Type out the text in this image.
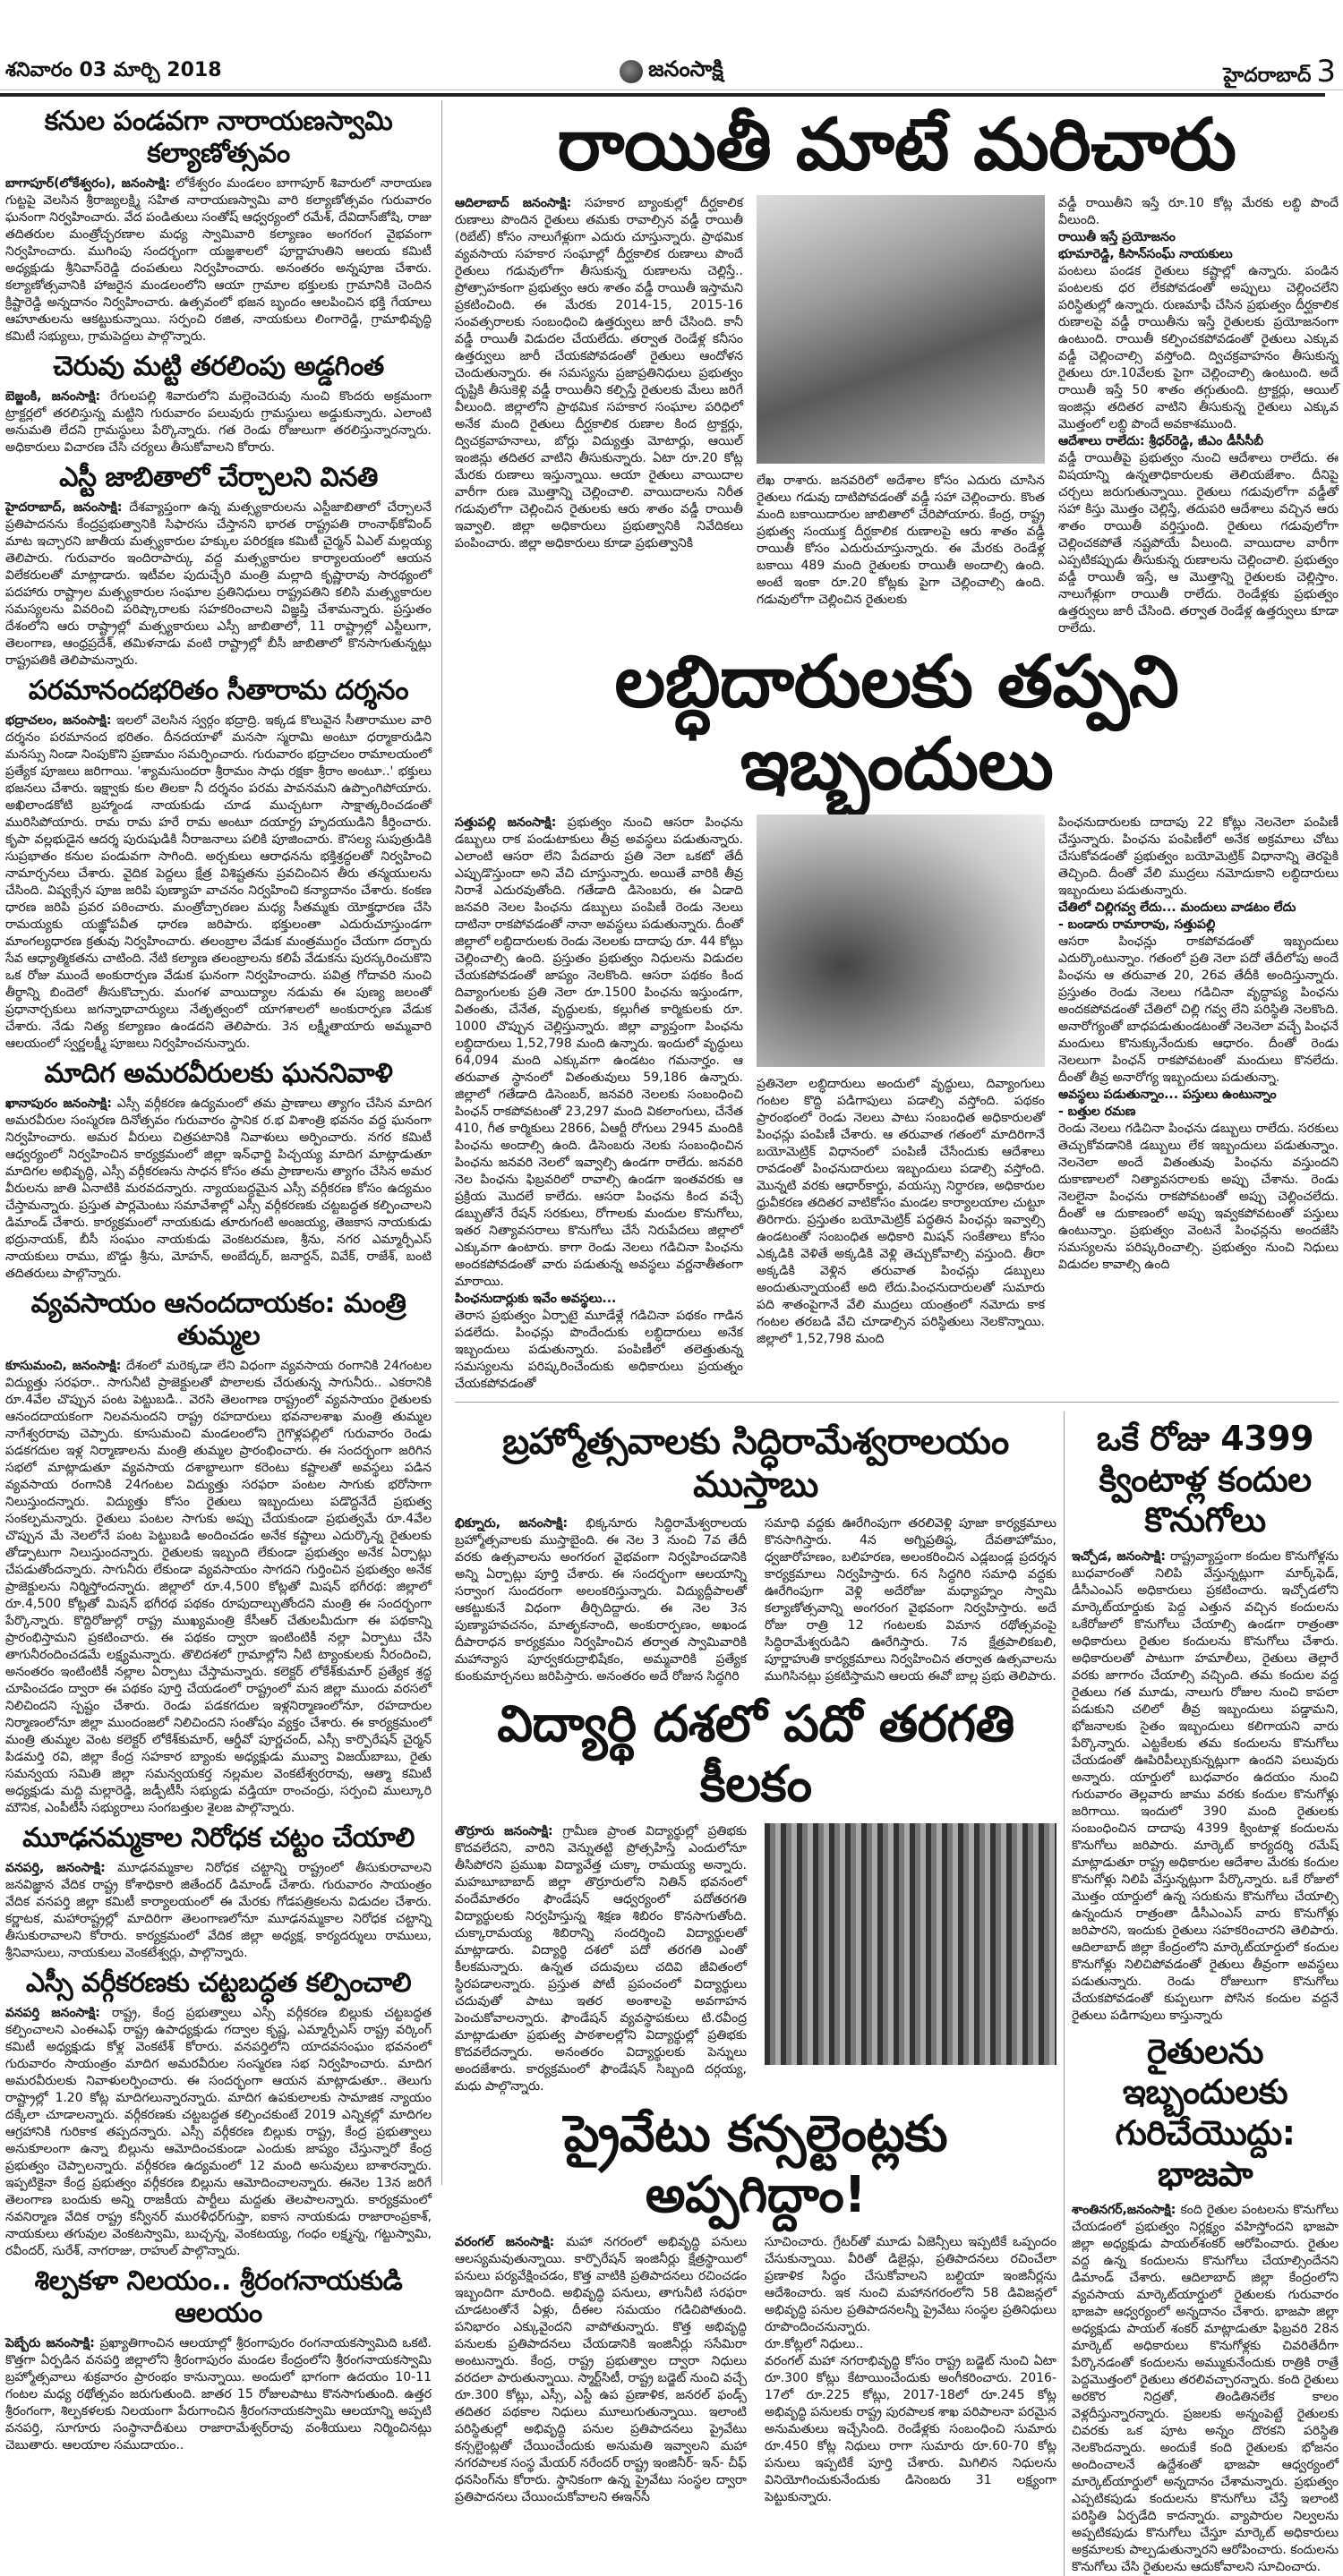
శనివారం 03 మార్చి 2018	జనంసాక్షి	హైదరాబాద్ 3
కనుల పండవగా నారాయణస్వామి కల్యాణోత్సవం
బాగాపూర్(లోకేశ్వరం), జనంసాక్షి: లోకేశ్వరం మండలం బాగాపూర్ శివారులో నారాయణ గుట్టపై వెలసిన శ్రీరాజ్యలక్ష్మి సహిత నారాయణస్వామి వారి కల్యాణోత్సవం గురువారం ఘనంగా నిర్వహించారు. వేద పండితులు సంతోష్ ఆధ్వర్యంలో రమేశ్, దేవిదాస్‌జోషి, రాజు తదితరుల మంత్రోచ్ఛరణాల మధ్య స్వామివారి కల్యాణం అంగరంగ వైభవంగా నిర్వహించారు. ముగింపు సందర్భంగా యజ్ఞశాలలో పూర్ణాహుతిని ఆలయ కమిటీ అధ్యక్షుడు శ్రీనివాస్‌రెడ్డి దంపతులు నిర్వహించారు. అనంతరం అన్నపూజ చేశారు. కల్యాణోత్సవానికి హాజరైన మండలంలోని ఆయా గ్రామాల భక్తులకు గ్రామానికి చెందిన క్రిష్టారెడ్డి అన్నదానం నిర్వహించారు. ఉత్సవంలో భజన బృందం ఆలపించిన భక్తి గేయాలు ఆహూతులను ఆకట్టుకున్నాయి. సర్పంచి రజిత, నాయకులు లింగారెడ్డి, గ్రామాభివృద్ధి కమిటీ సభ్యులు, గ్రామపెద్దలు పాల్గొన్నారు.
చెరువు మట్టి తరలింపు అడ్డగింత
బెజ్జంకి, జనంసాక్షి: రేగులపల్లి శివారులోని మల్లెంచెరువు నుంచి కొందరు అక్రమంగా ట్రాక్టర్లలో తరలిస్తున్న మట్టిని గురువారం పలువురు గ్రామస్థులు అడ్డుకున్నారు. ఎలాంటి అనుమతి లేదని గ్రామస్థులు పేర్కొన్నారు. గత రెండు రోజులుగా తరలిస్తున్నారన్నారు. అధికారులు విచారణ చేసి చర్యలు తీసుకోవాలని కోరారు.
ఎస్టీ జాబితాలో చేర్చాలని వినతి
హైదరాబాద్, జనంసాక్షి: దేశవ్యాప్తంగా ఉన్న మత్స్యకారులను ఎస్టీజాబితాలో చేర్చాలనే ప్రతిపాదనను కేంద్రప్రభుత్వానికి సిఫారసు చేస్తానని భారత రాష్ట్రపతి రాంనాథ్‌కోవింద్ మాట ఇచ్చారని జాతీయ మత్స్యకారుల హక్కుల పరిరక్షణ కమిటీ చైర్మన్ ఏఎల్ మల్లయ్య తెలిపారు. గురువారం ఇందిరాపార్కు వద్ద మత్స్యకారుల కార్యాలయంలో ఆయన విలేకరులతో మాట్లాడారు. ఇటీవల పుదుచ్చేరి మంత్రి మల్లాది కృష్ణారావు సారథ్యంలో పదహారు రాష్ట్రాల మత్స్యకారుల సంఘాల ప్రతినిధులు రాష్ట్రపతిని కలిసి మత్స్యకారుల సమస్యలను వివరించి పరిష్కారాలకు సహకరించాలని విజ్ఞప్తి చేశామన్నారు. ప్రస్తుతం దేశంలోని ఆరు రాష్ట్రాల్లో మత్స్యకారులు ఎస్సీ జాబితాలో, 11 రాష్ట్రాల్లో ఎస్టీలుగా, తెలంగాణ, ఆంధ్రప్రదేశ్, తమిళనాడు వంటి రాష్ట్రాల్లో బీసీ జాబితాలో కొనసాగుతున్నట్లు రాష్ట్రపతికి తెలిపామన్నారు.
పరమానందభరితం సీతారామ దర్శనం
భద్రాచలం, జనంసాక్షి: ఇలలో వెలసిన స్వర్గం భద్రాద్రి. ఇక్కడ కొలువైన సీతారాముల వారి దర్శనం పరమానంద భరితం. దీనదయాళో మనసా స్మరామి అంటూ ధర్మాకారుడిని మనస్సు నిండా నింపుకొని ప్రణామం సమర్పించారు. గురువారం భద్రాచలం రామాలయంలో ప్రత్యేక పూజలు జరిగాయి. 'శ్యామసుందరా శ్రీరామం సాధు రక్షకా శ్రీరాం అంటూ..' భక్తులు భజనలు చేశారు. ఇక్ష్వాకు కుల తిలకా నీ దర్శనం పరమ పావనమని ఉప్పొంగిపోయారు. అఖిలాండకోటి బ్రహ్మాండ నాయకుడు చూడ ముచ్చటగా సాక్షాత్కరించడంతో మురిసిపోయారు. రామ రామ హరే రామ అంటూ దయార్ద్ర హృదయుడిని కీర్తించారు. కృపా వల్లభుడైన ఆదర్శ పురుషుడికి నీరాజనాలు పలికి పూజించారు. కౌసల్య సుపుత్రుడికి సుప్రభాతం కనుల పండువగా సాగింది. అర్చకులు ఆరాధనను భక్తిశ్రద్ధలతో నిర్వహించి నామార్చనలు చేశారు. వైదిక పెద్దలు క్షేత్ర విశిష్టతను ప్రవచించిన తీరు తన్మయులను చేసింది. విష్వక్సేన పూజ జరిపి పుణ్యాహ వాచనం నిర్వహించి కన్యాదానం చేశారు. కంకణ ధారణ జరిపి ప్రవర పఠించారు. మంత్రోచ్చారణల మధ్య సీతమ్మకు యోక్త్రధారణ చేసి రామయ్యకు యజ్ఞోపవీత ధారణ జరిపారు. భక్తులంతా ఎదురుచూస్తుండగా మాంగల్యధారణ క్రతువు నిర్వహించారు. తలంబ్రాల వేడుక మంత్రముగ్ధం చేయగా దర్బారు సేవ ఆధ్యాత్మికతను చాటింది. నేటి కల్యాణ తలంబ్రాలను కలిపే వేడుకను పురస్కరించుకొని ఒక రోజు ముందే అంకురార్పణ వేడుక ఘనంగా నిర్వహించారు. పవిత్ర గోదావరి నుంచి తీర్థాన్ని బిందెలో తీసుకొచ్చారు. మంగళ వాయిద్యాల నడుమ ఈ పుణ్య జలంతో ప్రధానార్చకులు జగన్నాథాచార్యులు నేతృత్వంలో యాగశాలలో అంకురార్పణ వేడుక చేశారు. నేడు నిత్య కల్యాణం ఉండదని తెలిపారు. 3న లక్ష్మీతాయారు అమ్మవారి ఆలయంలో స్వర్ణలక్ష్మీ పూజలు నిర్వహించనున్నారు.
మాదిగ అమరవీరులకు ఘననివాళి
ఖానాపురం జనంసాక్షి: ఎస్సీ వర్గీకరణ ఉద్యమంలో తమ ప్రాణాలు త్యాగం చేసిన మాదిగ అమరవీరుల సంస్మరణ దినోత్సవం గురువారం స్థానిక ర.భ విశాంత్రి భవనం వద్ద ఘనంగా నిర్వహించారు. అమర వీరులు చిత్రపటానికి నివాళులు అర్పించారు. నగర కమిటీ ఆధ్వర్యంలో నిర్వహించిన కార్యక్రమంలో జిల్లా ఇన్‌ఛార్జి పిచ్చయ్య మాదిగ మాట్లాడుతూ మాదిగల అభివృద్ధి, ఎస్సీ వర్గీకరణను సాధన కోసం తమ ప్రాణాలను త్యాగం చేసిన అమర వీరులను జాతి ఏనాటికి మరవదన్నారు. న్యాయబద్ధమైన ఎస్సీ వర్గీకరణ కోసం ఉద్యమం చేస్తామన్నారు. ప్రస్తుత పార్లమెంటు సమావేశాల్లో ఎస్సీ వర్గీకరణకు చట్టబద్ధత కల్పించాలని డిమాండ్ చేశారు. కార్యక్రమంలో నాయకుడు తూరుగంటి అంజయ్య, తెజకాస నాయకుడు భద్రునాయక్, బీసీ సంఘం నాయకుడు వెంకటరమణ, శ్రీను, నగర ఎమ్మార్పీఎస్ నాయకులు రాము, బొడ్డు శ్రీను, మోహన్, అంబేద్కర్, జనార్దన్, వివేక్, రాజేశ్, బంటి తదితరులు పాల్గొన్నారు.
వ్యవసాయం ఆనందదాయకం: మంత్రి తుమ్మల
కూసుమంచి, జనంసాక్షి: దేశంలో మరెక్కడా లేని విధంగా వ్యవసాయ రంగానికి 24గంటల విద్యుత్తు సరఫరా.. సాగునీటి ప్రాజెక్టులతో పొలాలకు చేరుతున్న సాగునీరు.. ఎకరానికి రూ.4వేల చొప్పున పంట పెట్టుబడి.. వెరసి తెలంగాణ రాష్ట్రంలో వ్యవసాయం రైతులకు ఆనందదాయకంగా నిలవనుందని రాష్ట్ర రహదారులు భవనాలశాఖ మంత్రి తుమ్మల నాగేశ్వరరావు చెప్పారు. కూసుమంచి మండలంలోని గైగొళ్లపల్లిలో గురువారం రెండు పడకగదుల ఇళ్ల నిర్మాణాలను మంత్రి తుమ్మల ప్రారంభించారు. ఈ సందర్భంగా జరిగిన సభలో మాట్లాడుతూ వ్యవసాయ దశాబ్దాలుగా కరెంటు కష్టాలతో అవస్థలు పడిన వ్యవసాయ రంగానికి 24గంటల విద్యుత్తు సరఫరా పంటల సాగుకు భరోసాగా నిలుస్తుందన్నారు. విద్యుత్తు కోసం రైతులు ఇబ్బందులు పడొద్దనేదే ప్రభుత్వ సంకల్పమన్నారు. రైతులు పంటల సాగుకు అప్పు చేయకుండా ప్రభుత్వమే రూ.4వేల చొప్పున మే నెలలోనే పంట పెట్టుబడి అందించడం అనేక కష్టాలు ఎదుర్కొన్న రైతులకు తోడ్పాటుగా నిలుస్తుందన్నారు. రైతులకు ఇబ్బంది లేకుండా ప్రభుత్వం అనేక ఏర్పాట్లు చేపడుతోందన్నారు. సాగునీరు లేకుండా వ్యవసాయం సాగదని గుర్తించిన ప్రభుత్వం అనేక ప్రాజెక్టులను నిర్మిస్తోందన్నారు. జిల్లాలో రూ.4,500 కోట్లతో మిషన్ భగీరథ: జిల్లాలో రూ.4,500 కోట్లతో మిషన్ భగీరథ పథకం రూపుదాల్చుతోందని మంత్రి ఈ సందర్భంగా పేర్కొన్నారు. కొద్దిరోజుల్లో రాష్ట్ర ముఖ్యమంత్రి కేసీఆర్ చేతులమీదుగా ఈ పథకాన్ని ప్రారంభిస్తామని ప్రకటించారు. ఈ పథకం ద్వారా ఇంటింటికీ నల్లా ఏర్పాటు చేసి తాగునీరందించడమే లక్ష్యమన్నారు. తొలిదశలో గ్రామాల్లోని నీటి ట్యాంకులకు నీరందించి, అనంతరం ఇంటింటికీ నల్లాల ఏర్పాటు చేస్తామన్నారు. కలెక్టర్ లోకేశ్‌కుమార్ ప్రత్యేక శ్రద్ధ చూపించడం ద్వారా ఈ పథకం పూర్తి చేయడంలో రాష్ట్రంలో మన జిల్లా ముందు వరసలో నిలిచిందని స్పష్టం చేశారు. రెండు పడకగదుల ఇళ్లనిర్మాణంలోనూ, రహదారుల నిర్మాణంలోనూ జిల్లా ముందంజలో నిలిచిందని సంతోషం వ్యక్తం చేశారు. ఈ కార్యక్రమంలో మంత్రి తుమ్మల వెంట కలెక్టర్ లోకేశ్‌కుమార్, ఆర్డీవో పూర్ణచంద్, ఎస్సీ కార్పొరేషన్ చైర్మన్ పిడమర్తి రవి, జిల్లా కేంద్ర సహకార బ్యాంకు అధ్యక్షుడు మువ్వా విజయ్‌బాబు, రైతు సమన్వయ సమితి జిల్లా సమన్వయకర్త నల్లమల వెంకటేశ్వరరావు, ఆత్మా కమిటీ అధ్యక్షుడు మద్ది మల్లారెడ్డి, జడ్పీటీసీ సభ్యుడు వడ్తియా రాంచంద్రు, సర్పంచి ముల్కూరి మౌనిక, ఎంపీటీసీ సభ్యురాలు సంగబత్తుల శైలజ పాల్గొన్నారు.
మూఢనమ్మకాల నిరోధక చట్టం చేయాలి
వనపర్తి, జనంసాక్షి: మూఢనమ్మకాల నిరోధక చట్టాన్ని రాష్ట్రంలో తీసుకురావాలని జనవిజ్ఞాన వేదిక రాష్ట్ర కోశాధికారి జితేందర్ డిమాండ్ చేశారు. గురువారం సాయంత్రం వేదిక వనపర్తి జిల్లా కమిటీ కార్యాలయంలో ఈ మేరకు గోడపత్రికలను విడుదల చేశారు. కర్ణాటక, మహారాష్ట్రల్లో మాదిరిగా తెలంగాణలోనూ మూఢనమ్మకాల నిరోధక చట్టాన్ని తీసుకురావాలని కోరారు. కార్యక్రమంలో వేదిక జిల్లా అధ్యక్ష, కార్యదర్శులు రాములు, శ్రీనివాసులు, నాయకులు వెంకటేశ్వర్లు, పాల్గొన్నారు.
ఎస్సీ వర్గీకరణకు చట్టబద్ధత కల్పించాలి
వనపర్తి జనంసాక్షి: రాష్ట్ర, కేంద్ర ప్రభుత్వాలు ఎస్సీ వర్గీకరణ బిల్లుకు చట్టబద్ధత కల్పించాలని ఎంఈఎఫ్ రాష్ట్ర ఉపాధ్యక్షుడు గద్వాల కృష్ణ, ఎమ్మార్పీఎస్ రాష్ట్ర వర్కింగ్ కమిటీ అధ్యక్షుడు కోళ్ల వెంకటేశ్ కోరారు. వనపర్తిలోని యాదవసంఘం భవనంలో గురువారం సాయంత్రం మాదిగ అమరవీరుల సంస్మరణ సభ నిర్వహించారు. మాదిగ అమరవీరులకు నివాళులర్పించారు. ఈ సందర్భంగా ఆయన మాట్లాడుతూ.. తెలుగు రాష్ట్రాల్లో 1.20 కోట్ల మాదిగలున్నారన్నారు. మాదిగ ఉపకులాలకు సామాజిక న్యాయం దక్కేలా చూడాలన్నారు. వర్గీకరణకు చట్టబద్ధత కల్పించకుంటే 2019 ఎన్నికల్లో మాదిగల ఆగ్రహానికి గురికాక తప్పదన్నారు. ఎస్సీ వర్గీకరణ బిల్లుకు రాష్ట్ర, కేంద్ర ప్రభుత్వాలు అనుకూలంగా ఉన్నా బిల్లును ఆమోదించకుండా ఎందుకు జాప్యం చేస్తున్నారో కేంద్ర ప్రభుత్వం చెప్పాలన్నారు. వర్గీకరణ ఉద్యమంలో 12 మంది అసువులు బాశారన్నారు. ఇప్పటికైనా కేంద్ర ప్రభుత్వం వర్గీకరణ బిల్లును ఆమోదించాలన్నారు. ఈనెల 13న జరిగే తెలంగాణ బందుకు అన్ని రాజకీయ పార్టీలు మద్దతు తెలపాలన్నారు. కార్యక్రమంలో నవనిర్మాణ వేదిక రాష్ట్ర కన్వీనర్ మురళీధర్‌గుప్తా, ఐకాస నాయకుడు రాజారాంప్రకాశ్, నాయకులు తగువుల వెంకటస్వామి, బుచ్చన్న, వెంకటయ్య, గంధం లక్ష్మన్న, గట్టుస్వామి, రవీందర్, సురేశ్, నాగరాజు, రాహుల్ పాల్గొన్నారు.
శిల్పకళా నిలయం.. శ్రీరంగనాయకుడి ఆలయం
పెబ్బేరు జనంసాక్షి: ప్రఖ్యాతిగాంచిన ఆలయాల్లో శ్రీరంగాపురం రంగనాయకస్వామిది ఒకటి. కొత్తగా ఏర్పడిన వనపర్తి జిల్లాలోని శ్రీరంగాపురం మండల కేంద్రంలోని శ్రీరంగనాయకస్వామి బ్రహ్మోత్సవాలు శుక్రవారం ప్రారంభం కానున్నాయి. అందులో భాగంగా ఉదయం 10-11 గంటల మధ్య రథోత్సవం జరుగుతుంది. జాతర 15 రోజులపాటు కొనసాగుతుంది. ఉత్తర శ్రీరంగంగా, శిల్పకళలకు నిలయంగా పేరుగాంచిన శ్రీరంగనాయకస్వామి ఆలయాన్ని అప్పటి వనపర్తి, సూగూరు సంస్థానాదీశులు రాజారామేశ్వర్‌రావు వంశీయులు నిర్మించినట్లు చెబుతారు. ఆలయాల సముదాయం..
రాయితీ మాటే మరిచారు
ఆదిలాబాద్ జనంసాక్షి: సహకార బ్యాంకుల్లో దీర్ఘకాలిక రుణాలు పొందిన రైతులు తమకు రావాల్సిన వడ్డీ రాయితీ (రిబేట్) కోసం నాలుగేళ్లుగా ఎదురు చూస్తున్నారు. ప్రాథమిక వ్యవసాయ సహకార సంఘాల్లో దీర్ఘకాలిక రుణాలు పొందే రైతులు గడువులోగా తీసుకున్న రుణాలను చెల్లిస్తే.. ప్రోత్సాహకంగా ప్రభుత్వం ఆరు శాతం వడ్డీ రాయితీ ఇస్తామని ప్రకటించింది. ఈ మేరకు 2014-15, 2015-16 సంవత్సరాలకు సంబంధించి ఉత్తర్వులు జారీ చేసింది. కానీ వడ్డీ రాయితీ విడుదల చేయలేదు. తర్వాత రెండేళ్ల కనీసం ఉత్తర్వులు జారీ చేయకపోవడంతో రైతులు ఆందోళన చెందుతున్నారు. ఈ సమస్యను ప్రజాప్రతినిధులు ప్రభుత్వం దృష్టికి తీసుకెళ్లి వడ్డీ రాయితీని కల్పిస్తే రైతులకు మేలు జరిగే వీలుంది. జిల్లాలోని ప్రాథమిక సహకార సంఘాల పరిధిలో అనేక మంది రైతులు దీర్ఘకాలిక రుణాల కింద ట్రాక్టర్లు, ద్విచక్రవాహనాలు, బోర్లు విద్యుత్తు మోటార్లు, ఆయిల్ ఇంజిన్లు తదితర వాటిని తీసుకున్నారు. ఏటా రూ.20 కోట్ల మేరకు రుణాలు ఇస్తున్నాయి. ఆయా రైతులు వాయిదాల వారీగా రుణ మొత్తాన్ని చెల్లించాలి. వాయిదాలను నిరీత గడువులోగా చెల్లించిన రైతులకు ఆరు శాతం వడ్డీ రాయితీ ఇవ్వాలి. జిల్లా అధికారులు ప్రభుత్వానికి నివేదికలు పంపించారు. జిల్లా అధికారులు కూడా ప్రభుత్వానికి
లేఖ రాశారు. జనవరిలో అదేశాల కోసం ఎదురు చూసిన రైతులు గడువు దాటిపోవడంతో వడ్డీ సహా చెల్లించారు. కొంత మంది బకాయిదారుల జాబితాలో చేరిపోయారు. కేంద్ర, రాష్ట్ర ప్రభుత్వ సంయుక్త దీర్ఘకాలిక రుణాలపై ఆరు శాతం వడ్డీ రాయితీ కోసం ఎదురుచూస్తున్నారు. ఈ మేరకు రెండేళ్ల బకాయి 489 మంది రైతులకు రాయితీ అందాల్సి ఉంది. అంటే ఇంకా రూ.20 కోట్లకు పైగా చెల్లించాల్సి ఉంది. గడువులోగా చెల్లించిన రైతులకు
వడ్డీ రాయితీని ఇస్తే రూ.10 కోట్ల మేరకు లబ్ధి పొందే వీలుంది.
రాయితీ ఇస్తే ప్రయోజనం
భూమారెడ్డి, కిసాన్‌సంఘ్ నాయకులు
పంటలు పండక రైతులు కష్టాల్లో ఉన్నారు. పండిన పంటలకు ధర లేకపోవడంతో అప్పులు చెల్లించలేని పరిస్థితుల్లో ఉన్నారు. రుణమాఫీ చేసిన ప్రభుత్వం దీర్ఘకాలిక రుణాలపై వడ్డీ రాయితీను ఇస్తే రైతులకు ప్రయోజనంగా ఉంటుంది. రాయితీ కల్పించకపోవడంతో రైతులు ఎక్కువ వడ్డీ చెల్లించాల్సి వస్తోంది. ద్విచక్రవాహనం తీసుకున్న రైతులు రూ.10వేలకు పైగా చెల్లించాల్సి ఉంటుంది. అదే రాయితీ ఇస్తే 50 శాతం తగ్గుతుంది. ట్రాక్టర్లు, ఆయిల్ ఇంజిన్లు తదితర వాటిని తీసుకున్న రైతులు ఎక్కువ మొత్తంలో లబ్ధి పొందే అవకాశముంది.
ఆదేశాలు రాలేదు: శ్రీధర్‌రెడ్డి, జీఎం డీసీసీబీ
వడ్డీ రాయితీపై ప్రభుత్వం నుంచి ఆదేశాలు రాలేదు. ఈ విషయాన్ని ఉన్నతాధికారులకు తెలియజేశాం. దీనిపై చర్చలు జరుగుతున్నాయి. రైతులు గడువులోగా వడ్డీతో సహా కిస్తు మొత్తం చెల్లిస్తే, తదుపరి ఆదేశాలు వచ్చిన ఆరు శాతం రాయితీ వర్తిస్తుంది. రైతులు గడువులోగా చెల్లించకపోతే నష్టపోయే వీలుంది. వాయిదాల వారీగా ఎప్పటికప్పుడు తీసుకున్న రుణాలను చెల్లించాలి. ప్రభుత్వం వడ్డీ రాయితీ ఇస్తే, ఆ మొత్తాన్ని రైతులకు చెల్లిస్తాం. నాలుగేళ్లుగా రాయితీ రాలేదు. రెండేళ్లకు ప్రభుత్వం ఉత్తర్వులు జారీ చేసింది. తర్వాత రెండేళ్ల ఉత్తర్వులు కూడా రాలేదు.
లబ్ధిదారులకు తప్పని ఇబ్బందులు
సత్తుపల్లి జనంసాక్షి: ప్రభుత్వం నుంచి ఆసరా పింఛను డబ్బులు రాక పండుటాకులు తీవ్ర అవస్థలు పడుతున్నారు. ఎలాంటి ఆసరా లేని పేదవారు ప్రతి నెలా ఒకటో తేదీ ఎప్పుడొస్తుందా అని వేచి చూస్తున్నారు. అయితే వారికి తీవ్ర నిరాశే ఎదురవుతోంది. గతేడాది డిసెంబరు, ఈ ఏడాది జనవరి నెలల పింఛను డబ్బులు పంపిణీ రెండు నెలలు దాటినా రాకపోవడంతో నానా అవస్థలు పడుతున్నారు. దీంతో జిల్లాలో లబ్ధిదారులకు రెండు నెలలకు దాదాపు రూ. 44 కోట్లు చెల్లించాల్సి ఉంది. ప్రస్తుతం ప్రభుత్వం నిధులను విడుదల చేయకపోవడంతో జాప్యం నెలకొంది. ఆసరా పథకం కింద దివ్యాంగులకు ప్రతి నెలా రూ.1500 పింఛను ఇస్తుండగా, వితంతు, చేనేత, వృద్ధులకు, కల్లుగీత కార్మికులకు రూ. 1000 చొప్పున చెల్లిస్తున్నారు. జిల్లా వ్యాప్తంగా పింఛను లబ్ధిదారులు 1,52,798 మంది ఉన్నారు. ఇందులో వృద్ధులు 64,094 మంది ఎక్కువగా ఉండటం గమనార్హం. ఆ తరువాత స్థానంలో వితంతువులు 59,186 ఉన్నారు. జిల్లాలో గతేడాది డిసెంబర్, జనవరి నెలలకు సంబంధించి పింఛన్ రాకపోవటంతో 23,297 మంది వికలాంగులు, చేనేత 410, గీత కార్మికులు 2866, ఏఆర్టీ రోగులు 2945 మందికి పింఛను అందాల్సి ఉంది. డిసెంబరు నెలకు సంబంధించిన పింఛను జనవరి నెలలో ఇవ్వాల్సి ఉండగా రాలేదు. జనవరి నెల పింఛను ఫిబ్రవరిలో రావాల్సి ఉండగా ఇంతవరకు ఆ ప్రక్రియ మొదలే కాలేదు. ఆసరా పింఛను కింద వచ్చే డబ్బుతోనే రేషన్ సరకులు, రోగాలకు మందుల కొనుగోలు, ఇతర నిత్యావసరాలు కొనుగోలు చేసే నిరుపేదలు జిల్లాలో ఎక్కువగా ఉంటారు. కాగా రెండు నెలలు గడిచినా పింఛను అందకపోవడంతో వారు పడుతున్న అవస్థలు వర్ణనాతీతంగా మారాయి.
పింఛనుదార్లుకు ఇవేం అవస్థలు...
తెరాస ప్రభుత్వం ఏర్పాటై మూడేళ్లే గడిచినా పథకం గాడిన పడలేదు. పింఛన్లు పొందేందుకు లబ్ధిదారులు అనేక ఇబ్బందులు పడుతున్నారు. పంపిణీలో తలెత్తుతున్న సమస్యలను పరిష్కరించేందుకు అధికారులు ప్రయత్నం చేయకపోవడంతో
ప్రతినెలా లబ్ధిదారులు అందులో వృద్ధులు, దివ్యాంగులు గంటల కొద్ది పడిగాపులు పడాల్సి వస్తోంది. పథకం ప్రారంభంలో రెండు నెలలు పాటు సంబంధిత అధికారులతో పింఛన్లు పంపిణీ చేశారు. ఆ తరువాత గతంలో మాదిరిగానే బయోమెట్రిక్ విధానంలో పంపిణీ చేసేందుకు ఆదేశాలు రావడంతో పింఛనుదారులు ఇబ్బందులు పడాల్సి వస్తోంది. మొన్నటి వరకు ఆధార్‌కార్డు, వయస్సు నిర్ధారణ, అధికారుల ధ్రువీకరణ తదితర వాటికోసం మండల కార్యాలయాల చుట్టూ తిరిగారు. ప్రస్తుతం బయోమెట్రిక్ పద్ధతిన పింఛన్లు ఇవ్వాల్సి ఉండటంతో సంబంధిత అధికారి మిషన్ సంకేతాలు కోసం ఎక్కడికి వెళితే అక్కడికి వెళ్లి తెచ్చుకోవాల్సి వస్తుంది. తీరా అక్కడికి వెళ్లిన తరువాత పింఛన్లు డబ్బులు అందుతున్నాయంటే అది లేదు.పింఛనుదారులతో సుమారు పది శాతంపైగానే వేలి ముద్రలు యంత్రంలో నమోదు కాక గంటల తరబడి వేచి చూడాల్సిన పరిస్థితులు నెలకొన్నాయి. జిల్లాలో 1,52,798 మంది
పింఛనుదారులకు దాదాపు 22 కోట్లు నెలనెలా పంపిణీ చేస్తున్నారు. పింఛను పంపిణీలో అనేక అక్రమాలు చోటు చేసుకోవడంతో ప్రభుత్వం బయోమెట్రిక్ విధానాన్ని తెరపైకి తెచ్చింది. దీంతో వేలి ముద్రలు నమోదుకాని లబ్ధిదారులు ఇబ్బందులు పడుతున్నారు.
చేతిలో చిల్లిగవ్వ లేదు... మందులు వాడటం లేదు
- బండారు రామారావు, సత్తుపల్లి
ఆసరా పింఛన్లు రాకపోవడంతో ఇబ్బందులు ఎదుర్కొంటున్నాం. గతంలో ప్రతి నెలా పదో తేదీలోపు అందే పింఛను ఆ తరువాత 20, 26వ తేదీకి అందిస్తున్నారు. ప్రస్తుతం రెండు నెలలు గడిచినా వృద్ధాప్య పింఛను అందకపోవడంతో చేతిలో చిల్లి గవ్వ లేని పరిస్థితి నెలకొంది. అనారోగ్యంతో బాధపడుతుండటంతో నెలనెలా వచ్చే పింఛనే మందులు కొనుక్కునేందుకు ఆధారం. దీంతో రెండు నెలలుగా పింఛన్ రాకపోవటంతో మందులు కొనలేదు. దీంతో తీవ్ర అనారోగ్య ఇబ్బందులు పడుతున్నా.
అవస్థలు పడుతున్నాం... పస్తులు ఉంటున్నాం
- బత్తుల రమణ
రెండు నెలలు గడిచినా పింఛను డబ్బులు రాలేదు. సరకులు తెచ్చుకోవడానికి డబ్బులు లేక ఇబ్బందులు పడుతున్నాం. నెలనెలా అందే వితంతువు పింఛను వస్తుందని దుకాణాలలో నిత్యావసరాలకు అప్పు చేశాను. రెండు నెలలైనా పింఛను రాకపోవటంతో అప్పు చెల్లించలేదు. దీంతో ఆ దుకాణంలో అప్పు ఇవ్వకపోవటంతో పస్తులు ఉంటున్నాం. ప్రభుత్వం వెంటనే పింఛన్లను అందజేసి సమస్యలను పరిష్కరించాల్సి. ప్రభుత్వం నుంచి నిధులు విడుదల కావాల్సి ఉంది
బ్రహ్మోత్సవాలకు సిద్ధిరామేశ్వరాలయం ముస్తాబు
భిక్నూరు, జనంసాక్షి: భిక్కనూరు సిద్ధిరామేశ్వరాలయ బ్రహ్మోత్సవాలకు ముస్తాబైంది. ఈ నెల 3 నుంచి 7వ తేదీ వరకు ఉత్సవాలను అంగరంగ వైభవంగా నిర్వహించడానికి అన్ని ఏర్పాట్లు పూర్తి చేశారు. ఈ సందర్భంగా ఆలయాన్ని సర్వాంగ సుందరంగా అలంకరిస్తున్నారు. విద్యుద్దీపాలతో ఆకట్టుకునే విధంగా తీర్చిదిద్దారు. ఈ నెల 3న పుణ్యాహవచనం, మాతృకనాంది, అంకురార్పణం, అఖండ దీపారాధన కార్యక్రమం నిర్వహించిన తర్వాత స్వామివారికి మహాన్యాస పూర్వకరుద్రాభిషేకం, అమ్మవారికి ప్రత్యేక కుంకుమార్చనలు జరిపిస్తారు. అనంతరం అదే రోజున సిద్ధగిరి
సమాధి వద్దకు ఊరేగింపుగా తరలివెళ్లి పూజా కార్యక్రమాలు కొనసాగిస్తారు. 4న అగ్నిప్రతిష్ఠ, దేవతాహోమం, ధ్వజారోహణం, బలిహరణ, అలంకరించిన ఎడ్లబండ్ల ప్రదర్శన కార్యక్రమాలు నిర్వహిస్తారు. 6న సిద్ధగిరి సమాధి వద్దకు ఊరేగింపుగా వెళ్లి అదేరోజు మధ్యాహ్నం స్వామి కల్యాణోత్సవాన్ని అంగరంగ వైభవంగా నిర్వహిస్తారు. అదే రోజు రాత్రి 12 గంటలకు విమాన రథోత్సవంపై సిద్ధిరామేశ్వరుడిని ఊరేగిస్తారు. 7న క్షేత్రపాలికబలి, పూర్ణాహుతి కార్యక్రమాలు నిర్వహించిన తర్వాత ఉత్సవాలను ముగిసినట్లు ప్రకటిస్తామని ఆలయ ఈవో బాల్ల ప్రభు తెలిపారు.
విద్యార్థి దశలో పదో తరగతి కీలకం
తొర్రూరు జనంసాక్షి: గ్రామీణ ప్రాంత విద్యార్థుల్లో ప్రతిభకు కొదవలేదని, వారిని వెన్నుతట్టి ప్రోత్సహిస్తే ఎందులోనూ తీసిపోరని ప్రముఖ విద్యావేత్త చుక్కా రామయ్య అన్నారు. మహబూబాబాద్ జిల్లా తొర్రూరులోని నితిన్ భవనంలో వందేమాతరం ఫౌండేషన్ ఆధ్వర్యంలో పదోతరగతి విద్యార్థులకు నిర్వహిస్తున్న శిక్షణ శిబిరం కొనసాగుతోంది. చుక్కారామయ్య శిబిరాన్ని సందర్శించి విద్యార్థులతో మాట్లాడారు. విద్యార్థి దశలో పదో తరగతి ఎంతో కీలకమన్నారు. ఉన్నత చదువులు చదివి జీవితంలో స్థిరపడాలన్నారు. ప్రస్తుత పోటీ ప్రపంచంలో విద్యార్థులు చదువుతో పాటు ఇతర అంశాలపై అవగాహన పెంచుకోవాలన్నారు. ఫౌండేషన్ వ్యవస్థాపకులు టి.రవీంద్ర మాట్లాడుతూ ప్రభుత్వ పాఠశాలల్లోని విద్యార్థుల్లో ప్రతిభకు కొదవలేదన్నారు. అనంతరం విద్యార్థులకు పెన్నులు అందజేశారు. కార్యక్రమంలో ఫౌండేషన్ సిబ్బంది దర్గయ్య, మధు పాల్గొన్నారు.
ప్రైవేటు కన్సల్టెంట్లకు అప్పగిద్దాం!
వరంగల్ జనంసాక్షి: మహా నగరంలో అభివృద్ధి పనులు ఆలస్యమవుతున్నాయి. కార్పొరేషన్ ఇంజినీర్లు క్షేత్రస్థాయిలో పనులు పర్యవేక్షించడం, కొత్త వాటికి ప్రతిపాదనలు రచించడం ఇబ్బందిగా మారింది. అభివృద్ధి పనులు, తాగునీటి సరఫరా చూడటంతోనే ఏళ్లు, దీఈల సమయం గడిచిపోతుంది. పనిభారం ఎక్కువైందని వాపోతున్నారు. కొత్త అభివృద్ధి పనులకు ప్రతిపాదనలు చేయడానికి ఇంజినీర్లు ససేమిరా అంటున్నారు. కేంద్ర, రాష్ట్ర ప్రభుత్వాల ద్వారా నిధులు వరదలా పారుతున్నాయి. స్మార్ట్‌సిటీ, రాష్ట్ర బడ్జెట్ నుంచి వచ్చే రూ.300 కోట్లు, ఎస్సీ, ఎస్టీ ఉప ప్రణాళిక, జనరల్ ఫండ్స్ తదితర పథకాల నిధులు మూలుగుతున్నాయి. ఇలాంటి పరిస్థితుల్లో అభివృద్ధి పనుల ప్రతిపాదనలు ప్రైవేటు కన్సల్టెంట్లతో చేయించేందుకు అనుమతి ఇవ్వాలని మహా నగరపాలక సంస్థ మేయర్ నరేందర్ రాష్ట్ర ఇంజినీర్- ఇన్- చీఫ్ ధనసింగ్‌ను కోరారు. స్థానికంగా ఉన్న ప్రైవేటు సంస్థల ద్వారా ప్రతిపాదనలు చేయించుకోవాలని ఈఇన్‌సీ
సూచించారు. గ్రేటర్‌తో మూడు ఏజెన్సీలు ఇప్పటికే ఒప్పందం చేసుకున్నాయి. వీరితో డిజైన్లు, ప్రతిపాదనలు రచించేలా ప్రణాళిక సిద్ధం చేసుకోవాలని బల్దియా ఇంజినీర్లను ఆదేశించారు. ఇక నుంచి మహానగరంలోని 58 డివిజన్లలో అభివృద్ధి పనుల ప్రతిపాదనలన్నీ ప్రైవేటు సంస్థల ప్రతినిధులు రూపొందించనున్నారు.
రూ.కోట్లలో నిధులు..
వరంగల్ మహా నగరాభివృద్ధి కోసం రాష్ట్ర బడ్జెట్ నుంచి ఏటా రూ.300 కోట్లు కేటాయించేందుకు అంగీకరించారు. 2016-17లో రూ.225 కోట్లు, 2017-18లో రూ.245 కోట్ల అభివృద్ధి పనులకు రాష్ట్ర పురపాలక శాఖ పరిపాలనా పరమైన అనుమతులు ఇచ్చేసింది. రెండేళ్లకు సంబంధించి సుమారు రూ.450 కోట్ల నిధులు రాగా సుమారు రూ.60-70 కోట్ల పనులు ఇప్పటికే పూర్తి చేశారు. మిగిలిన నిధులను వినియోగించుకునేందుకు డిసెంబరు 31 లక్ష్యంగా పెట్టుకున్నారు.
ఒకే రోజు 4399 క్వింటాళ్ల కందుల కొనుగోలు
ఇచ్చోడ, జనంసాక్షి: రాష్ట్రవ్యాప్తంగా కందుల కొనుగోళ్లను బుధవారంతో నిలిపి వేస్తున్నట్లుగా మార్క్‌ఫెడ్, డీసీఎంఎస్ అధికారులు ప్రకటించారు. ఇచ్చోడలోని మార్కెట్‌యార్డుకు పెద్ద ఎత్తున వచ్చిన కందులను ఒకేరోజులో కొనుగోలు చేయాల్సి ఉండగా రాత్రంతా అధికారులు రైతుల కందులను కొనుగోలు చేశారు. అధికారులతో పాటుగా హమాలీలు, రైతులు తెల్లారే వరకు జాగారం చేయాల్సి వచ్చింది. తమ కందుల వద్ద రైతులు గత మూడు, నాలుగు రోజుల నుంచి కాపలా పడుకుని చలిలో తీవ్ర ఇబ్బందులు పడ్డామని, భోజనాలకు సైతం ఇబ్బందులు కలిగాయని వారు పేర్కొన్నారు. ఎట్టకేలకు తమ కందులను కొనుగోలు చేయడంతో ఊపిరిపీల్చుకున్నట్లుగా ఉందని పలువురు అన్నారు. యార్డులో బుధవారం ఉదయం నుంచి గురువారం తెల్లవారు జాము వరకు కందుల కొనుగోళ్లు జరిగాయి. ఇందులో 390 మంది రైతులకు సంబంధించిన దాదాపు 4399 క్వింటాళ్ల కందులను కొనుగోలు జరిపారు. మార్కెట్ కార్యదర్శి రమేష్ మాట్లాడుతూ రాష్ట్ర అధికారుల ఆదేశాల మేరకు కందుల కొనుగోళ్లు నిలిపి వేస్తున్నట్లుగా పేర్కొన్నారు. ఒకే రోజులో మొత్తం యార్డులో ఉన్న సరుకును కొనుగోలు చేయాల్సి ఉన్నందున రాత్రంతా డీసీఎంఎస్ వారు కొనుగోళ్లు జరిపారని, ఇందుకు రైతులు సహకరించారని తెలిపారు. ఆదిలాబాద్ జిల్లా కేంద్రంలోని మార్కెట్‌యార్డులో కందుల కొనుగోళ్లు నిలిచిపోవడంతో రైతులు తీవ్రంగా అవస్థలు పడుతున్నారు. రెండు రోజులుగా కొనుగోలు చేయకపోవడంతో కుప్పలుగా పోసిన కందుల వద్దనే రైతులు పడిగాపులు కాస్తున్నారు
రైతులను ఇబ్బందులకు గురిచేయొద్దు: భాజపా
శాంతినగర్,జనంసాక్షి: కంది రైతుల పంటలను కొనుగోలు చేయడంలో ప్రభుత్వం నిర్లక్ష్యం వహిస్తోందని భాజపా జిల్లా అధ్యక్షుడు పాయల్‌శంకర్ ఆరోపించారు. రైతుల వద్ద ఉన్న కందులను కొనుగోలు చేయాల్సిందేనని డిమాండ్ చేశారు. ఆదిలాబాద్ జిల్లా కేంద్రంలోని వ్యవసాయ మార్కెట్‌యార్డులో రైతులకు గురువారం భాజపా ఆధ్వర్యంలో అన్నదానం చేశారు. భాజపా జిల్లా అధ్యక్షుడు పాయల్ శంకర్ మాట్లాడుతూ ఫిబ్రవరి 28న మార్కెట్ అధికారులు కొనుగోళ్లకు చివరితేదీగా పేర్కొనడంతో కందులను అమ్ముకునేందుకు రాత్రికి రాత్రే పెద్దమొత్తంలో రైతులు తరలివచ్చారన్నారు. కంది రైతులు అరకొర నిద్రతో, తిండితినలేక కాలం వెళ్లదీస్తున్నారన్నారు. ప్రజలకు అన్నంపెట్టే రైతులకు చివరకు ఒక పూట అన్నం దొరకని పరిస్థితి నెలకొందన్నారు. అందుకే కంది రైతులకు భోజనం అందించాలనే ఉద్దేశంతో భాజపా ఆధ్వర్యంలో మార్కెట్‌యార్డులో అన్నదానం చేశామన్నారు. ప్రభుత్వం ఎప్పటికపుడు కందులను కొనుగోలు చేస్తే ఇలాంటి పరిస్థితి ఏర్పడేది కాదన్నారు. వ్యాపారుల నిల్వలను అప్పటికపుడు కొనుగోలు చేస్తూ మార్కెట్ అధికారులు అక్రమాలకు పాల్పడుతున్నారని ఆరోపించారు. కందులను కొనుగోలు చేసి రైతులను ఆదుకోవాలని సూచించారు.
